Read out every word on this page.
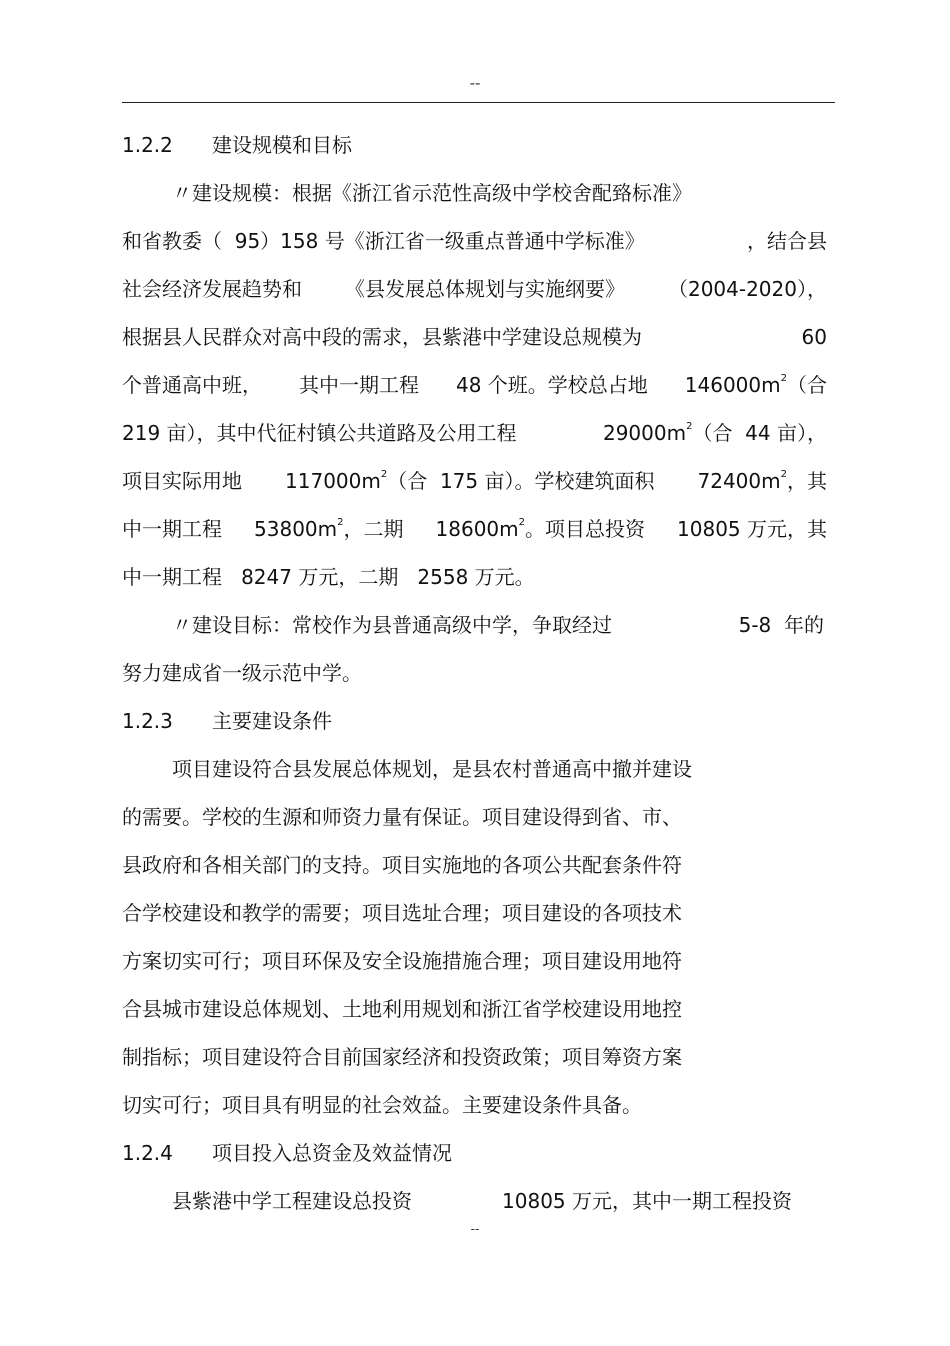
--
1.2.2	建设规模和目标
〃建设规模：根据《浙江省示范性高级中学校舍配臵标准》
和省教委（  95）158 号《浙江省一级重点普通中学标准》	，结合县
社会经济发展趋势和 《县发展总体规划与实施纲要》 （2004-2020），
根据县人民群众对高中段的需求，县紫港中学建设总规模为	60
个普通高中班， 其中一期工程 48 个班。学校总占地 $146000m^2$（合
219 亩），其中代征村镇公共道路及公用工程	$29000m^2$（合  44 亩），
项目实际用地 $117000m^2$（合  175 亩）。学校建筑面积 $72400m^2$，其
中一期工程 $53800m^2$，二期 $18600m^2$。项目总投资 10805 万元，其
中一期工程 8247 万元，二期 2558 万元。
〃建设目标：常校作为县普通高级中学，争取经过	5-8  年的
努力建成省一级示范中学。
1.2.3	主要建设条件
项目建设符合县发展总体规划，是县农村普通高中撤并建设
的需要。学校的生源和师资力量有保证。项目建设得到省、市、
县政府和各相关部门的支持。项目实施地的各项公共配套条件符
合学校建设和教学的需要；项目选址合理；项目建设的各项技术
方案切实可行；项目环保及安全设施措施合理；项目建设用地符
合县城市建设总体规划、土地利用规划和浙江省学校建设用地控
制指标；项目建设符合目前国家经济和投资政策；项目筹资方案
切实可行；项目具有明显的社会效益。主要建设条件具备。
1.2.4	项目投入总资金及效益情况
县紫港中学工程建设总投资	10805 万元，其中一期工程投资
--
